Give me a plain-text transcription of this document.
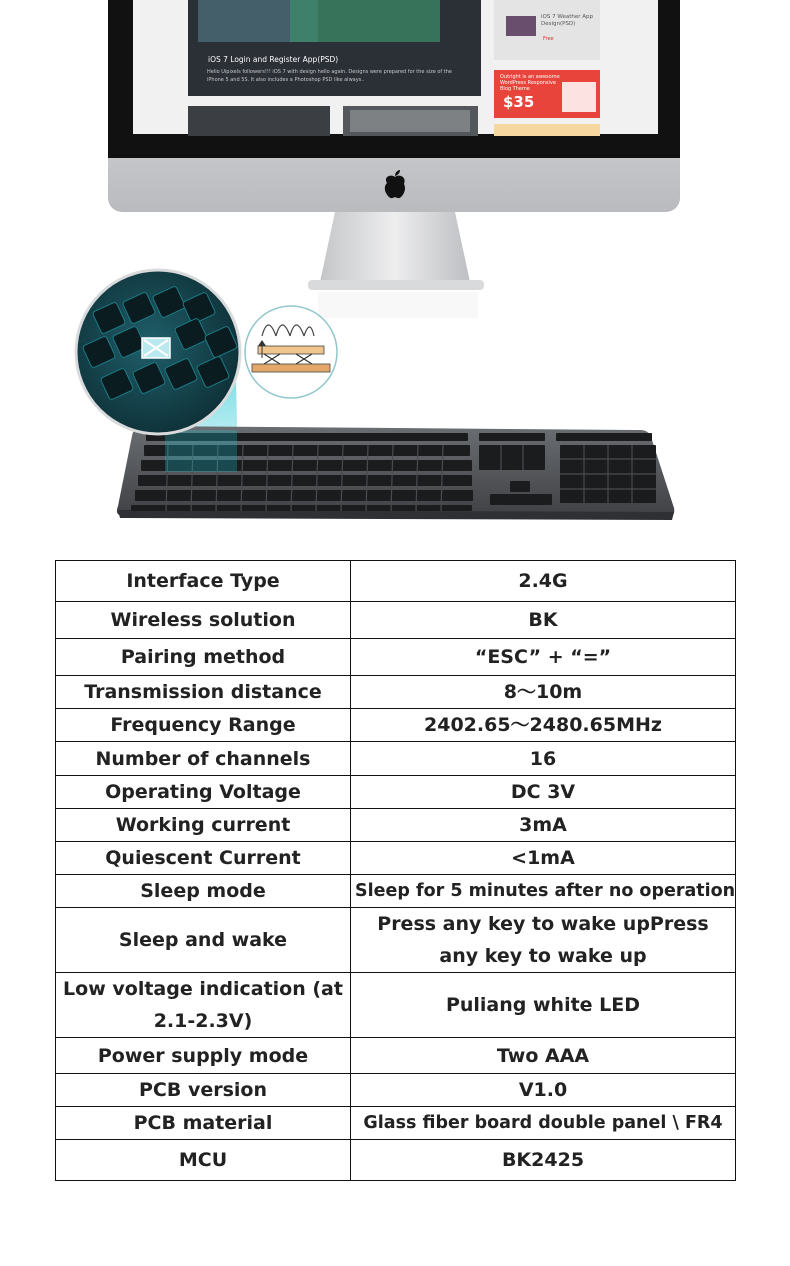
iOS 7 Login and Register App(PSD)
Hello Uipixels followers!!! iOS 7 with design hello again. Designs were prepared for the size of the iPhone 5 and 5S. It also includes a Photoshop PSD like always..
iOS 7 Weather App Design(PSD)
Free
Outright is an awesome WordPress Responsive Blog Theme
$35
Interface Type	2.4G
Wireless solution	BK
Pairing method	“ESC” + “=”
Transmission distance	8～10m
Frequency Range	2402.65～2480.65MHz
Number of channels	16
Operating Voltage	DC 3V
Working current	3mA
Quiescent Current	<1mA
Sleep mode	Sleep for 5 minutes after no operation
Sleep and wake	Press any key to wake upPress any key to wake up
Low voltage indication (at 2.1-2.3V)	Puliang white LED
Power supply mode	Two AAA
PCB version	V1.0
PCB material	Glass fiber board double panel \ FR4
MCU	BK2425
